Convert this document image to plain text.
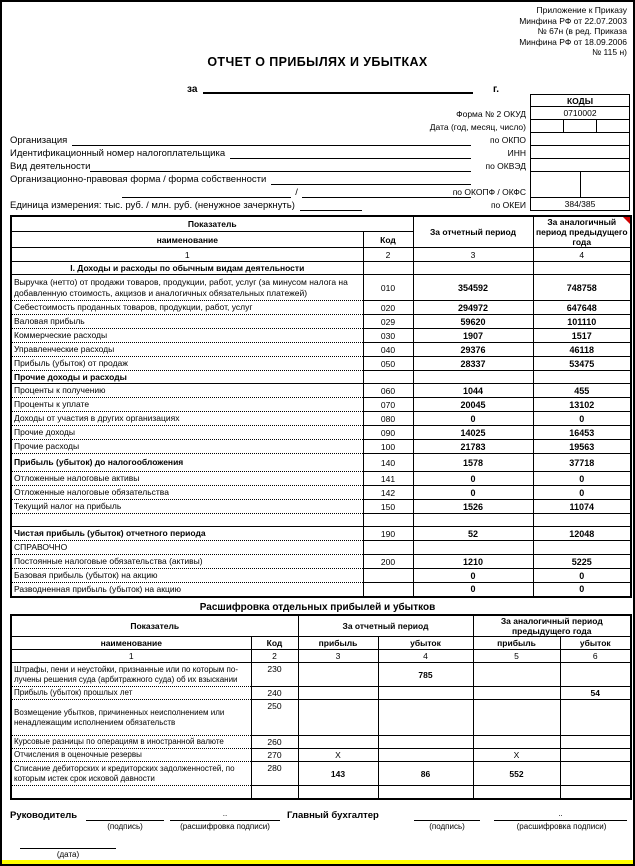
Приложение к Приказу
Минфина РФ от 22.07.2003
№ 67н (в ред. Приказа
Минфина РФ от 18.09.2006
№ 115 н)
ОТЧЕТ О ПРИБЫЛЯХ И УБЫТКАХ
за	г.
КОДЫ
Форма № 2 ОКУД	0710002
Дата (год, месяц, число)
по ОКПО
ИНН
по ОКВЭД
по ОКОПФ / ОКФС
по ОКЕИ	384/385
Организация
Идентификационный номер налогоплательщика
Вид деятельности
Организационно-правовая форма / форма собственности
/
Единица измерения: тыс. руб. / млн. руб. (ненужное зачеркнуть)
Показатель		За отчетный период	За аналогичный период предыдущего года

наименование	Код		
1	2	3	4
I. Доходы и расходы по обычным видам деятельности			
Выручка (нетто) от продажи товаров, продукции, работ, услуг (за минусом налога на добавленную стоимость, акцизов и аналогичных обязательных платежей)	010	354592	748758
Себестоимость проданных товаров, продукции, работ, услуг	020	294972	647648
Валовая прибыль	029	59620	101110
Коммерческие расходы	030	1907	1517
Управленческие расходы	040	29376	46118
Прибыль (убыток) от продаж	050	28337	53475
Прочие доходы и расходы			
Проценты к получению	060	1044	455
Проценты к уплате	070	20045	13102
Доходы от участия в других организациях	080	0	0
Прочие доходы	090	14025	16453
Прочие расходы	100	21783	19563
Прибыль (убыток) до налогообложения	140	1578	37718
Отложенные налоговые активы	141	0	0
Отложенные налоговые обязательства	142	0	0
Текущий налог на прибыль	150	1526	11074

Чистая прибыль (убыток) отчетного периода	190	52	12048
СПРАВОЧНО			
Постоянные налоговые обязательства (активы)	200	1210	5225
Базовая прибыль (убыток) на акцию		0	0
Разводненная прибыль (убыток) на акцию		0	0
Расшифровка отдельных прибылей и убытков
Показатель		За отчетный период		За аналогичный период предыдущего года	
наименование	Код	прибыль	убыток	прибыль	убыток
1	2	3	4	5	6
Штрафы, пени и неустойки, признанные или по которым по-лучены решения суда (арбитражного суда) об их взыскании	230		785		
Прибыль (убыток) прошлых лет	240				54
Возмещение убытков, причиненных неисполнением или ненадлежащим исполнением обязательств	250				
Курсовые разницы по операциям в иностранной валюте	260				
Отчисления в оценочные резервы	270	X		X	
Списание дебиторских и кредиторских задолженностей, по которым истек срок исковой давности	280	143	86	552	

Руководитель
(подпись)
..
(расшифровка подписи)
Главный бухгалтер
(подпись)
..
(расшифровка подписи)
(дата)
